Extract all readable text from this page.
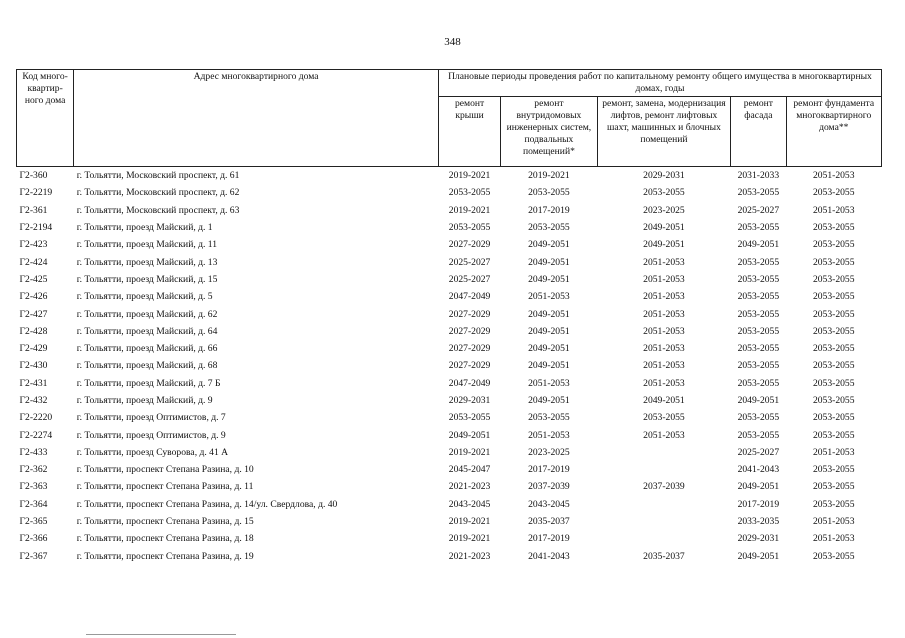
348
Код много-квартир-ного дома	Адрес многоквартирного дома	Плановые периоды проведения работ по капитальному ремонту общего имущества в многоквартирных домах, годы				
		ремонт крыши	ремонт внутридомовых инженерных систем, подвальных помещений*	ремонт, замена, модернизация лифтов, ремонт лифтовых шахт, машинных и блочных помещений	ремонт фасада	ремонт фундамента многоквартирного дома**
Г2-360	г. Тольятти, Московский проспект, д. 61	2019-2021	2019-2021	2029-2031	2031-2033	2051-2053
Г2-2219	г. Тольятти, Московский проспект, д. 62	2053-2055	2053-2055	2053-2055	2053-2055	2053-2055
Г2-361	г. Тольятти, Московский проспект, д. 63	2019-2021	2017-2019	2023-2025	2025-2027	2051-2053
Г2-2194	г. Тольятти, проезд Майский, д. 1	2053-2055	2053-2055	2049-2051	2053-2055	2053-2055
Г2-423	г. Тольятти, проезд Майский, д. 11	2027-2029	2049-2051	2049-2051	2049-2051	2053-2055
Г2-424	г. Тольятти, проезд Майский, д. 13	2025-2027	2049-2051	2051-2053	2053-2055	2053-2055
Г2-425	г. Тольятти, проезд Майский, д. 15	2025-2027	2049-2051	2051-2053	2053-2055	2053-2055
Г2-426	г. Тольятти, проезд Майский, д. 5	2047-2049	2051-2053	2051-2053	2053-2055	2053-2055
Г2-427	г. Тольятти, проезд Майский, д. 62	2027-2029	2049-2051	2051-2053	2053-2055	2053-2055
Г2-428	г. Тольятти, проезд Майский, д. 64	2027-2029	2049-2051	2051-2053	2053-2055	2053-2055
Г2-429	г. Тольятти, проезд Майский, д. 66	2027-2029	2049-2051	2051-2053	2053-2055	2053-2055
Г2-430	г. Тольятти, проезд Майский, д. 68	2027-2029	2049-2051	2051-2053	2053-2055	2053-2055
Г2-431	г. Тольятти, проезд Майский, д. 7 Б	2047-2049	2051-2053	2051-2053	2053-2055	2053-2055
Г2-432	г. Тольятти, проезд Майский, д. 9	2029-2031	2049-2051	2049-2051	2049-2051	2053-2055
Г2-2220	г. Тольятти, проезд Оптимистов, д. 7	2053-2055	2053-2055	2053-2055	2053-2055	2053-2055
Г2-2274	г. Тольятти, проезд Оптимистов, д. 9	2049-2051	2051-2053	2051-2053	2053-2055	2053-2055
Г2-433	г. Тольятти, проезд Суворова, д. 41 А	2019-2021	2023-2025		2025-2027	2051-2053
Г2-362	г. Тольятти, проспект Степана Разина, д. 10	2045-2047	2017-2019		2041-2043	2053-2055
Г2-363	г. Тольятти, проспект Степана Разина, д. 11	2021-2023	2037-2039	2037-2039	2049-2051	2053-2055
Г2-364	г. Тольятти, проспект Степана Разина, д. 14/ул. Свердлова, д. 40	2043-2045	2043-2045		2017-2019	2053-2055
Г2-365	г. Тольятти, проспект Степана Разина, д. 15	2019-2021	2035-2037		2033-2035	2051-2053
Г2-366	г. Тольятти, проспект Степана Разина, д. 18	2019-2021	2017-2019		2029-2031	2051-2053
Г2-367	г. Тольятти, проспект Степана Разина, д. 19	2021-2023	2041-2043	2035-2037	2049-2051	2053-2055
